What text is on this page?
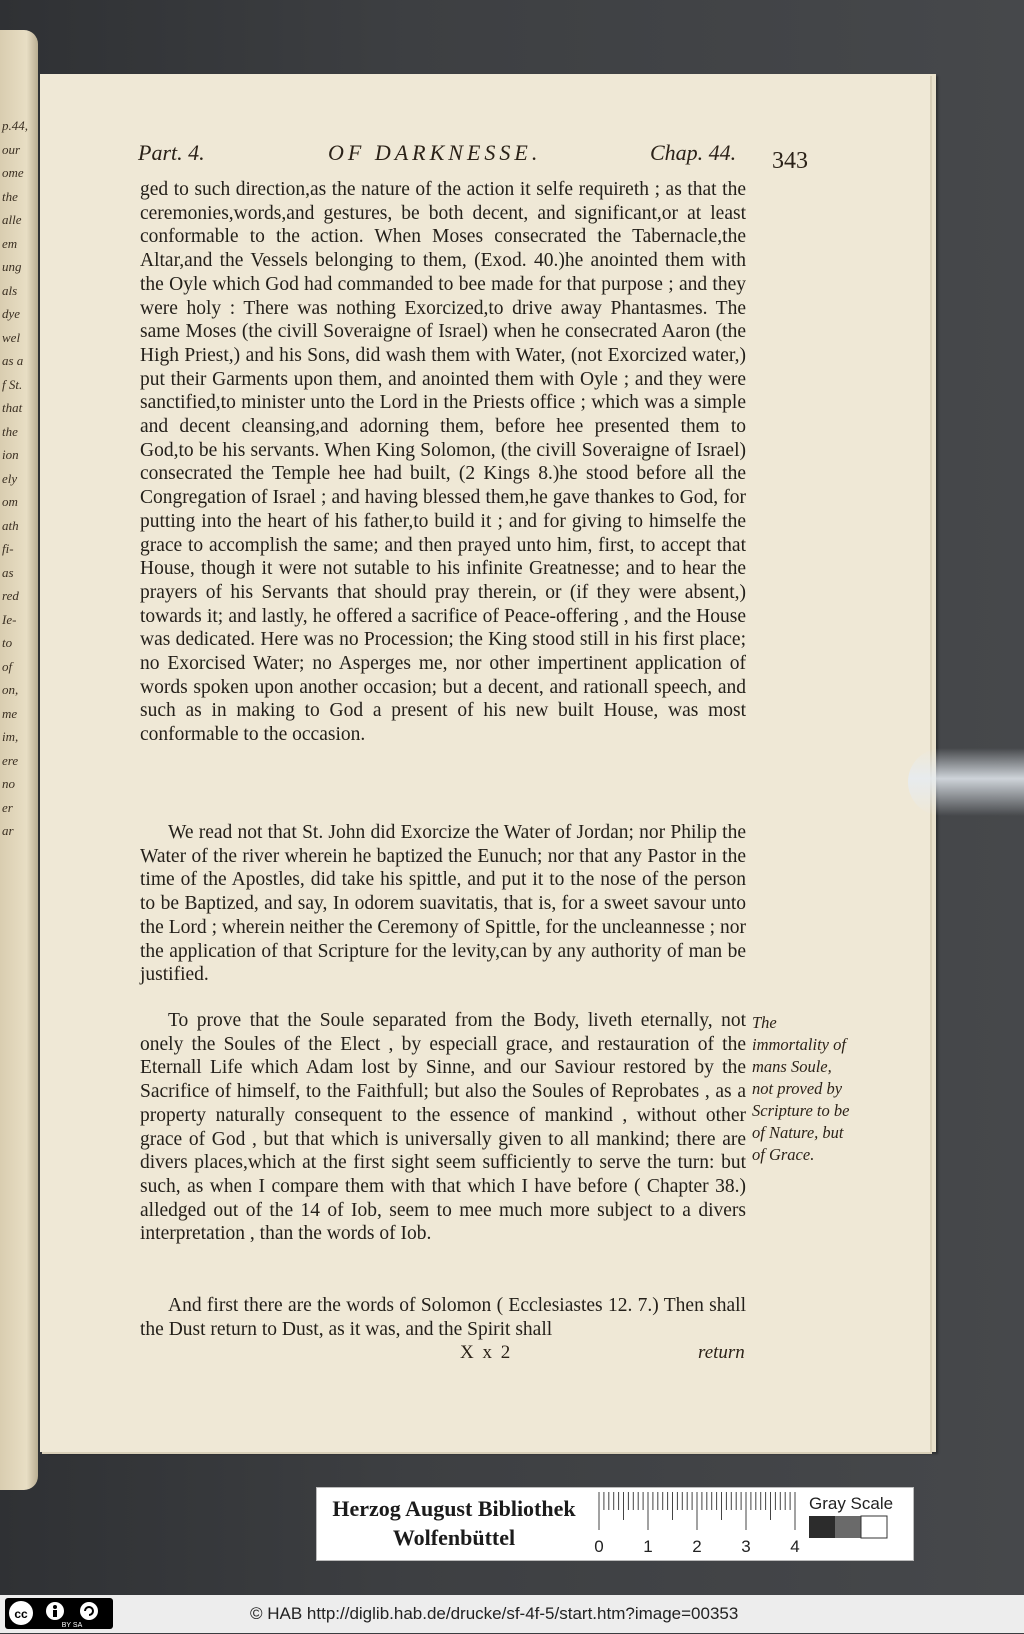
p.44,
our
ome
the
alle
em
ung
als
dye
wel
as a
f St.
that
the
ion
ely
om
ath
fi-
as
red
Ie-
to
of
on,
me
im,
ere
no
er
ar
Part. 4.	OF DARKNESSE.	Chap. 44. 343

ged to such direction,as the nature of the action it selfe requireth ; as that the ceremonies,words,and gestures, be both decent, and significant,or at least conformable to the action. When Moses consecrated the Tabernacle,the Altar,and the Vessels belonging to them, (Exod. 40.)he anointed them with the Oyle which God had commanded to bee made for that purpose ; and they were holy : There was nothing Exorcized,to drive away Phantasmes. The same Moses (the civill Soveraigne of Israel) when he consecrated Aaron (the High Priest,) and his Sons, did wash them with Water, (not Exorcized water,) put their Garments upon them, and anointed them with Oyle ; and they were sanctified,to minister unto the Lord in the Priests office ; which was a simple and decent cleansing,and adorning them, before hee presented them to God,to be his servants. When King Solomon, (the civill Soveraigne of Israel) consecrated the Temple hee had built, (2 Kings 8.)he stood before all the Congregation of Israel ; and having blessed them,he gave thankes to God, for putting into the heart of his father,to build it ; and for giving to himselfe the grace to accomplish the same; and then prayed unto him, first, to accept that House, though it were not sutable to his infinite Greatnesse; and to hear the prayers of his Servants that should pray therein, or (if they were absent,) towards it; and lastly, he offered a sacrifice of Peace-offering , and the House was dedicated. Here was no Procession; the King stood still in his first place; no Exorcised Water; no Asperges me, nor other impertinent application of words spoken upon another occasion; but a decent, and rationall speech, and such as in making to God a present of his new built House, was most conformable to the occasion.

We read not that St. John did Exorcize the Water of Jordan; nor Philip the Water of the river wherein he baptized the Eunuch; nor that any Pastor in the time of the Apostles, did take his spittle, and put it to the nose of the person to be Baptized, and say, In odorem suavitatis, that is, for a sweet savour unto the Lord ; wherein neither the Ceremony of Spittle, for the uncleannesse ; nor the application of that Scripture for the levity,can by any authority of man be justified.

To prove that the Soule separated from the Body, liveth eternally, not onely the Soules of the Elect , by especiall grace, and restauration of the Eternall Life which Adam lost by Sinne, and our Saviour restored by the Sacrifice of himself, to the Faithfull; but also the Soules of Reprobates , as a property naturally consequent to the essence of mankind , without other grace of God , but that which is universally given to all mankind; there are divers places,which at the first sight seem sufficiently to serve the turn: but such, as when I compare them with that which I have before ( Chapter 38.) alledged out of the 14 of Iob, seem to mee much more subject to a divers interpretation , than the words of Iob.

And first there are the words of Solomon ( Ecclesiastes 12. 7.) Then shall the Dust return to Dust, as it was, and the Spirit shall

The immortality of mans Soule, not proved by Scripture to be of Nature, but of Grace.
X x 2	return
Herzog August Bibliothek
Wolfenbüttel	0 1 2 3 4
Gray Scale
cc
BY SA
© HAB http://diglib.hab.de/drucke/sf-4f-5/start.htm?image=00353
